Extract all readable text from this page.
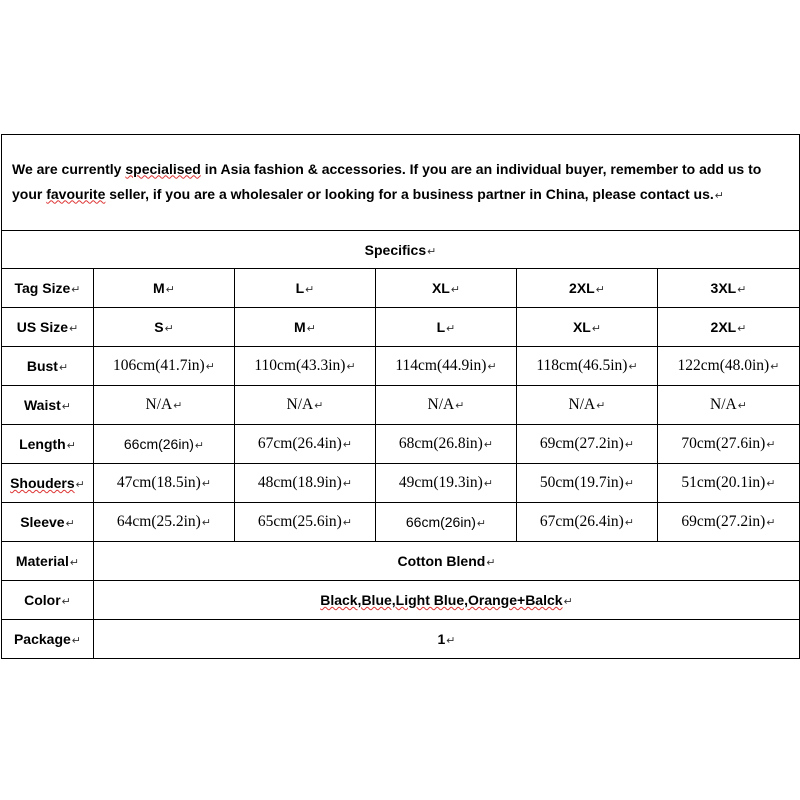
We are currently specialised in Asia fashion & accessories. If you are an individual buyer, remember to add us to your favourite seller, if you are a wholesaler or looking for a business partner in China, please contact us.↵					
Specifics↵					
Tag Size↵	M↵	L↵	XL↵	2XL↵	3XL↵
US Size↵	S↵	M↵	L↵	XL↵	2XL↵
Bust↵	106cm(41.7in)↵	110cm(43.3in)↵	114cm(44.9in)↵	118cm(46.5in)↵	122cm(48.0in)↵
Waist↵	N/A↵	N/A↵	N/A↵	N/A↵	N/A↵
Length↵	66cm(26in)↵	67cm(26.4in)↵	68cm(26.8in)↵	69cm(27.2in)↵	70cm(27.6in)↵
Shouders↵	47cm(18.5in)↵	48cm(18.9in)↵	49cm(19.3in)↵	50cm(19.7in)↵	51cm(20.1in)↵
Sleeve↵	64cm(25.2in)↵	65cm(25.6in)↵	66cm(26in)↵	67cm(26.4in)↵	69cm(27.2in)↵
Material↵	Cotton Blend↵				
Color↵	Black,Blue,Light Blue,Orange+Balck↵				
Package↵	1↵				
